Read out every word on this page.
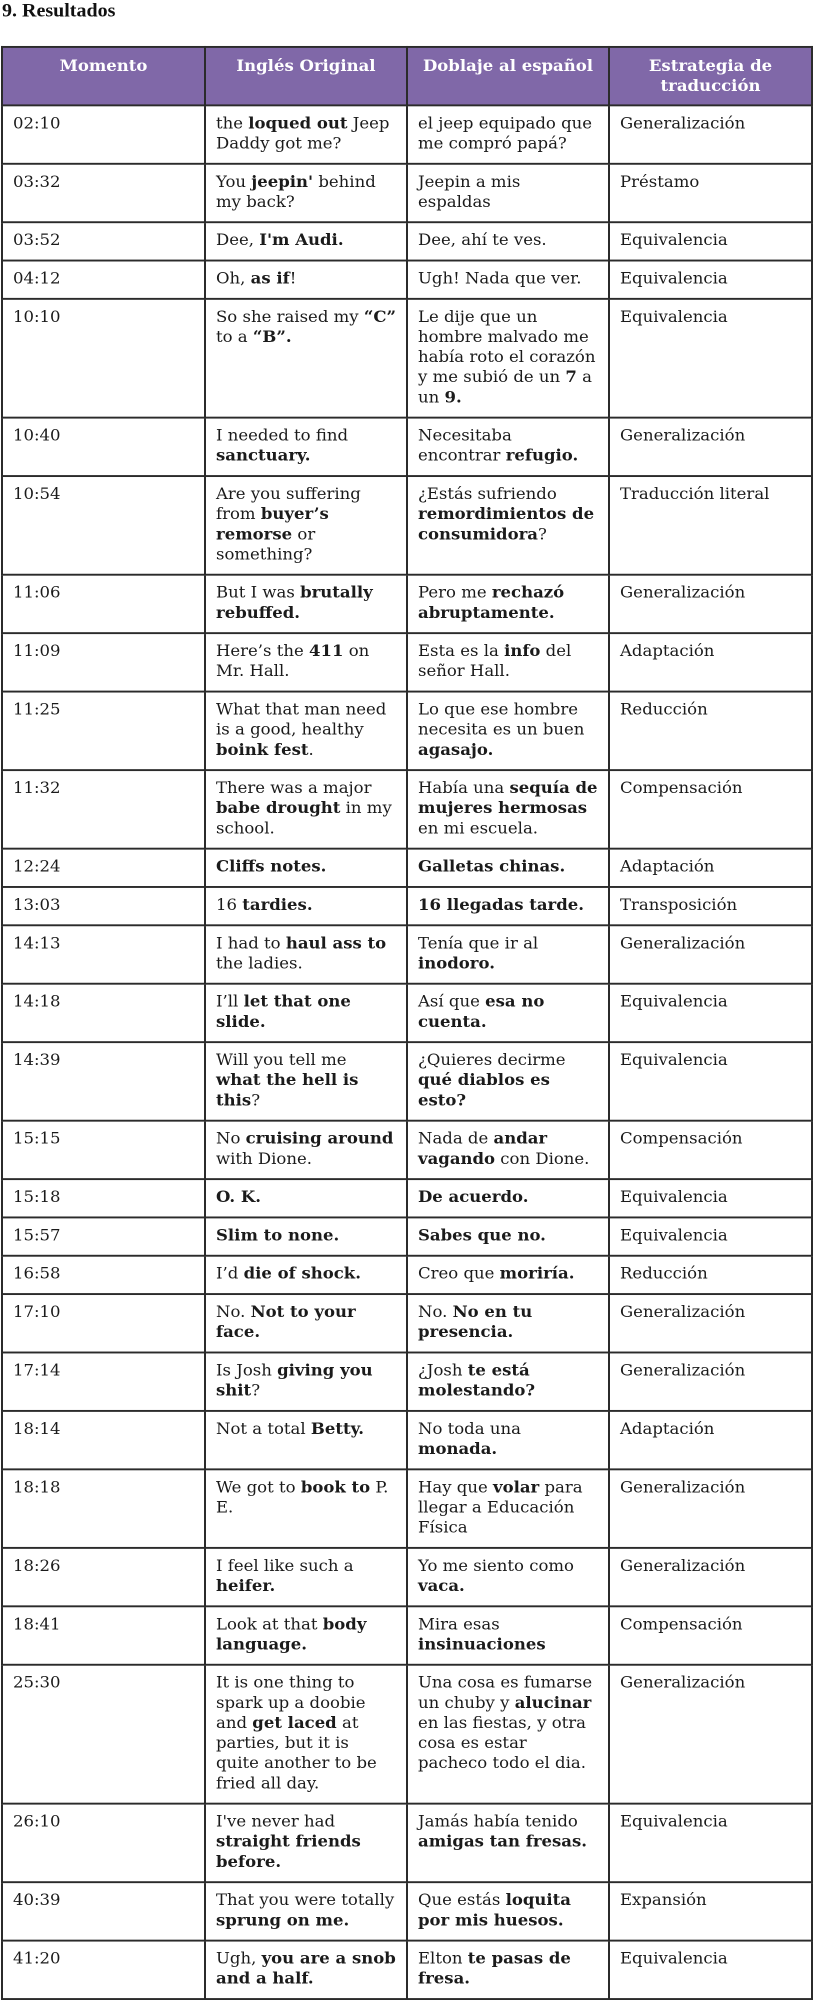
9. Resultados
Momento	Inglés Original	Doblaje al español	Estrategia de traducción
02:10	the loqued out Jeep Daddy got me?	el jeep equipado que me compró papá?	Generalización
03:32	You jeepin' behind my back?	Jeepin a mis espaldas	Préstamo
03:52	Dee, I'm Audi.	Dee, ahí te ves.	Equivalencia
04:12	Oh, as if!	Ugh! Nada que ver.	Equivalencia
10:10	So she raised my “C” to a “B”.	Le dije que un hombre malvado me había roto el corazón y me subió de un 7 a un 9.	Equivalencia
10:40	I needed to find sanctuary.	Necesitaba encontrar refugio.	Generalización
10:54	Are you suffering from buyer’s remorse or something?	¿Estás sufriendo remordimientos de consumidora?	Traducción literal
11:06	But I was brutally rebuffed.	Pero me rechazó abruptamente.	Generalización
11:09	Here’s the 411 on Mr. Hall.	Esta es la info del señor Hall.	Adaptación
11:25	What that man need is a good, healthy boink fest.	Lo que ese hombre necesita es un buen agasajo.	Reducción
11:32	There was a major babe drought in my school.	Había una sequía de mujeres hermosas en mi escuela.	Compensación
12:24	Cliffs notes.	Galletas chinas.	Adaptación
13:03	16 tardies.	16 llegadas tarde.	Transposición
14:13	I had to haul ass to the ladies.	Tenía que ir al inodoro.	Generalización
14:18	I’ll let that one slide.	Así que esa no cuenta.	Equivalencia
14:39	Will you tell me what the hell is this?	¿Quieres decirme qué diablos es esto?	Equivalencia
15:15	No cruising around with Dione.	Nada de andar vagando con Dione.	Compensación
15:18	O. K.	De acuerdo.	Equivalencia
15:57	Slim to none.	Sabes que no.	Equivalencia
16:58	I’d die of shock.	Creo que moriría.	Reducción
17:10	No. Not to your face.	No. No en tu presencia.	Generalización
17:14	Is Josh giving you shit?	¿Josh te está molestando?	Generalización
18:14	Not a total Betty.	No toda una monada.	Adaptación
18:18	We got to book to P. E.	Hay que volar para llegar a Educación Física	Generalización
18:26	I feel like such a heifer.	Yo me siento como vaca.	Generalización
18:41	Look at that body language.	Mira esas insinuaciones	Compensación
25:30	It is one thing to spark up a doobie and get laced at parties, but it is quite another to be fried all day.	Una cosa es fumarse un chuby y alucinar en las fiestas, y otra cosa es estar pacheco todo el dia.	Generalización
26:10	I've never had straight friends before.	Jamás había tenido amigas tan fresas.	Equivalencia
40:39	That you were totally sprung on me.	Que estás loquita por mis huesos.	Expansión
41:20	Ugh, you are a snob and a half.	Elton te pasas de fresa.	Equivalencia
